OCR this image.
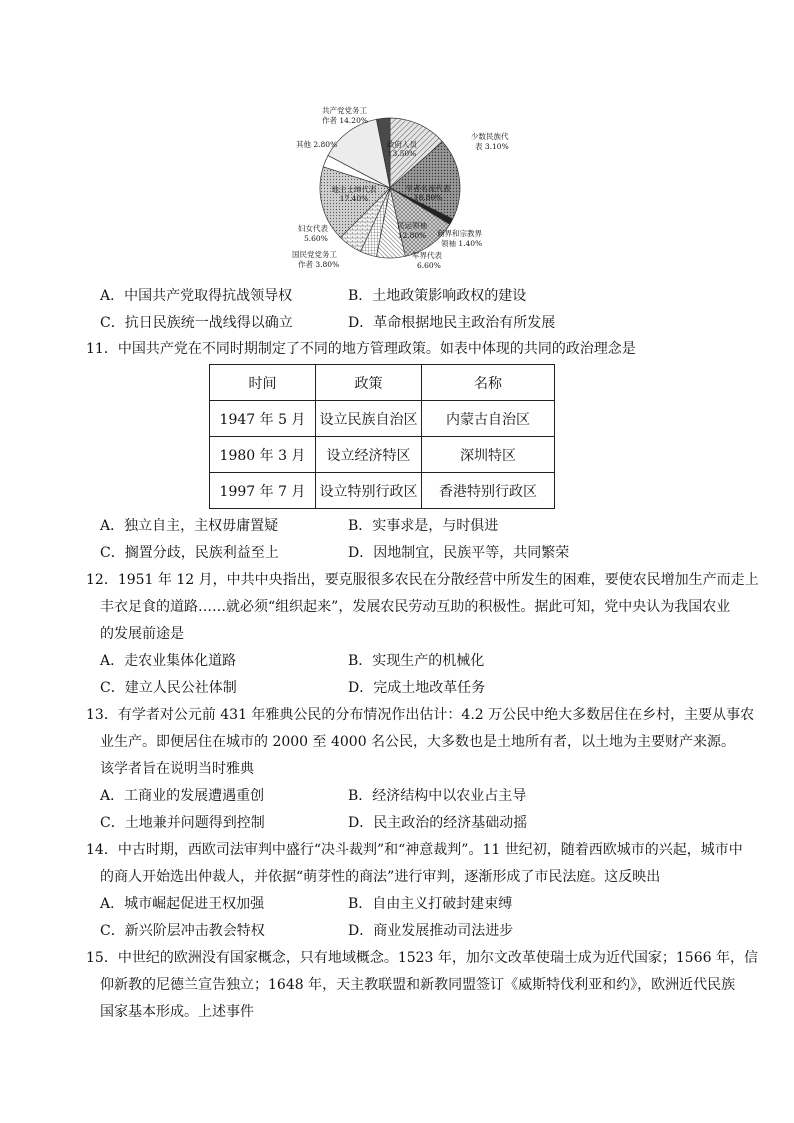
政府人员
13.50%
学者名流代表
18.80%
商界和宗教界
领袖 1.40%
民运领袖
12.80%
军界代表
6.60%
国民党党务工
作者 3.80%
妇女代表
5.60%
地主士绅代表
17.40%
其他 2.80%
共产党党务工
作者 14.20%
少数民族代
表 3.10%
A．中国共产党取得抗战领导权	B．土地政策影响政权的建设
C．抗日民族统一战线得以确立	D．革命根据地民主政治有所发展
11．中国共产党在不同时期制定了不同的地方管理政策。如表中体现的共同的政治理念是
时间	政策	名称
1947 年 5 月	设立民族自治区	内蒙古自治区
1980 年 3 月	设立经济特区	深圳特区
1997 年 7 月	设立特别行政区	香港特别行政区
A．独立自主，主权毋庸置疑	B．实事求是，与时俱进
C．搁置分歧，民族利益至上	D．因地制宜，民族平等，共同繁荣
12．1951 年 12 月，中共中央指出，要克服很多农民在分散经营中所发生的困难，要使农民增加生产而走上
丰衣足食的道路……就必须“组织起来”，发展农民劳动互助的积极性。据此可知，党中央认为我国农业
的发展前途是
A．走农业集体化道路	B．实现生产的机械化
C．建立人民公社体制	D．完成土地改革任务
13．有学者对公元前 431 年雅典公民的分布情况作出估计：4.2 万公民中绝大多数居住在乡村，主要从事农
业生产。即便居住在城市的 2000 至 4000 名公民，大多数也是土地所有者，以土地为主要财产来源。
该学者旨在说明当时雅典
A．工商业的发展遭遇重创	B．经济结构中以农业占主导
C．土地兼并问题得到控制	D．民主政治的经济基础动摇
14．中古时期，西欧司法审判中盛行“决斗裁判”和“神意裁判”。11 世纪初，随着西欧城市的兴起，城市中
的商人开始选出仲裁人，并依据“萌芽性的商法”进行审判，逐渐形成了市民法庭。这反映出
A．城市崛起促进王权加强	B．自由主义打破封建束缚
C．新兴阶层冲击教会特权	D．商业发展推动司法进步
15．中世纪的欧洲没有国家概念，只有地域概念。1523 年，加尔文改革使瑞士成为近代国家；1566 年，信
仰新教的尼德兰宣告独立；1648 年，天主教联盟和新教同盟签订《威斯特伐利亚和约》，欧洲近代民族
国家基本形成。上述事件
